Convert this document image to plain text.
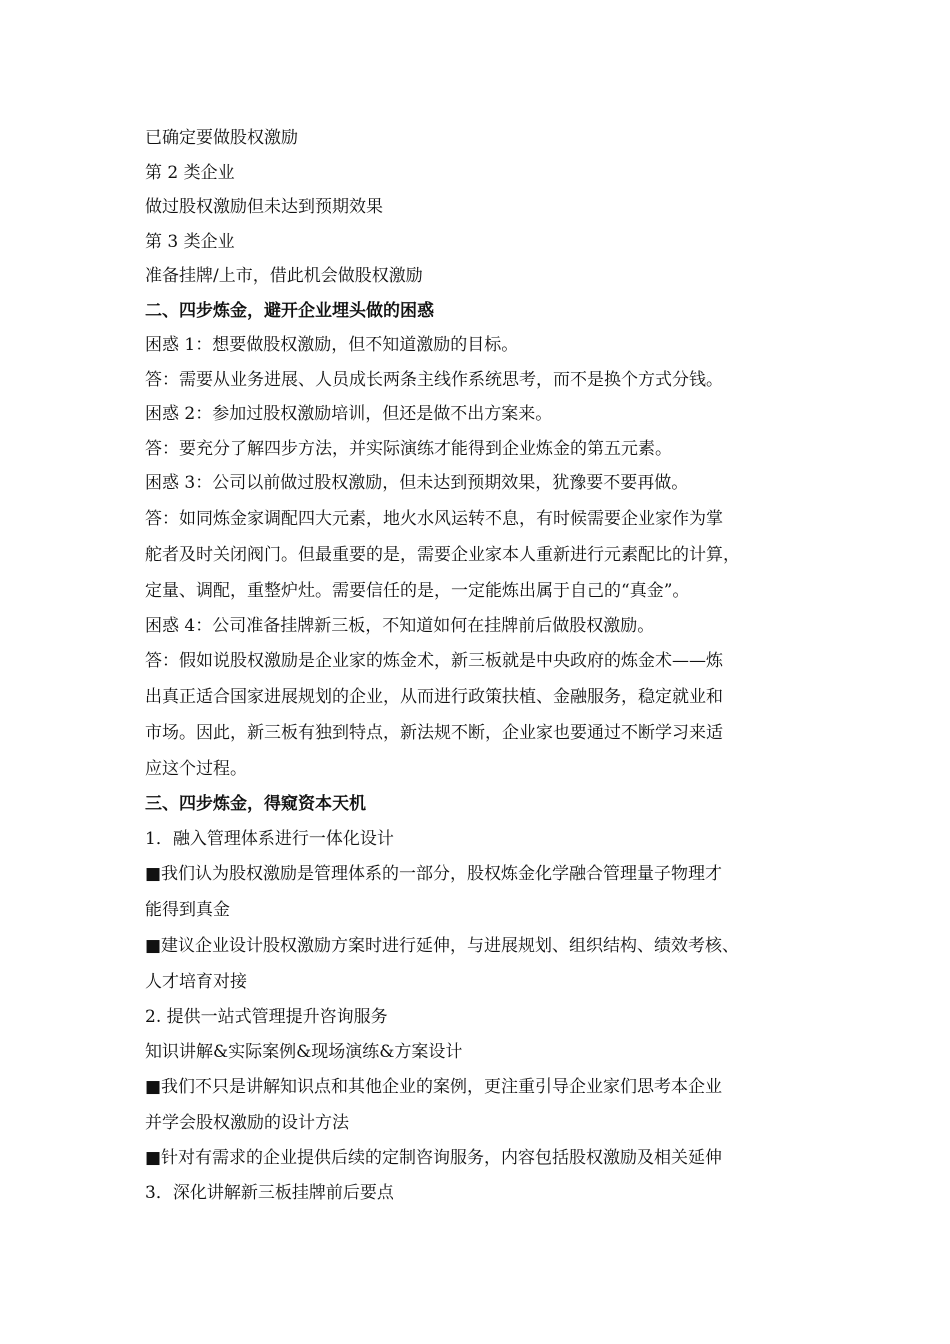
已确定要做股权激励

第 2 类企业

做过股权激励但未达到预期效果

第 3 类企业

准备挂牌/上市，借此机会做股权激励

二、四步炼金，避开企业埋头做的困惑

困惑 1：想要做股权激励，但不知道激励的目标。

答：需要从业务进展、人员成长两条主线作系统思考，而不是换个方式分钱。

困惑 2：参加过股权激励培训，但还是做不出方案来。

答：要充分了解四步方法，并实际演练才能得到企业炼金的第五元素。

困惑 3：公司以前做过股权激励，但未达到预期效果，犹豫要不要再做。

答：如同炼金家调配四大元素，地火水风运转不息，有时候需要企业家作为掌

舵者及时关闭阀门。但最重要的是，需要企业家本人重新进行元素配比的计算，

定量、调配，重整炉灶。需要信任的是，一定能炼出属于自己的“真金”。

困惑 4：公司准备挂牌新三板，不知道如何在挂牌前后做股权激励。

答：假如说股权激励是企业家的炼金术，新三板就是中央政府的炼金术——炼

出真正适合国家进展规划的企业，从而进行政策扶植、金融服务，稳定就业和

市场。因此，新三板有独到特点，新法规不断，企业家也要通过不断学习来适

应这个过程。

三、四步炼金，得窥资本天机

1．融入管理体系进行一体化设计

■我们认为股权激励是管理体系的一部分，股权炼金化学融合管理量子物理才

能得到真金

■建议企业设计股权激励方案时进行延伸，与进展规划、组织结构、绩效考核、

人才培育对接

2. 提供一站式管理提升咨询服务

知识讲解&实际案例&现场演练&方案设计

■我们不只是讲解知识点和其他企业的案例，更注重引导企业家们思考本企业

并学会股权激励的设计方法

■针对有需求的企业提供后续的定制咨询服务，内容包括股权激励及相关延伸

3．深化讲解新三板挂牌前后要点
